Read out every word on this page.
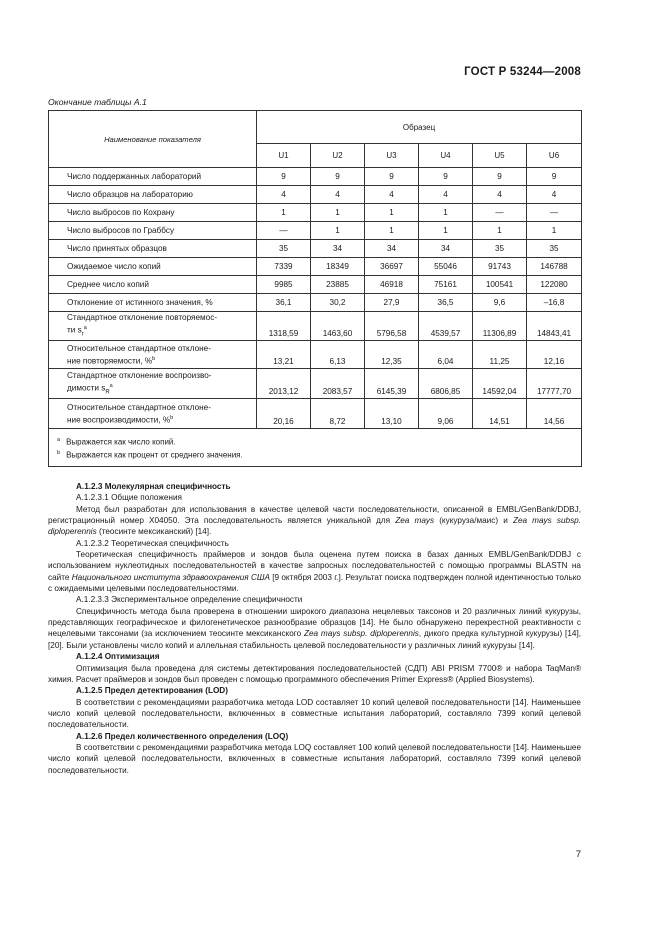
ГОСТ Р 53244—2008
Окончание таблицы А.1
Наименование показателя	Образец					
	U1	U2	U3	U4	U5	U6
Число поддержанных лабораторий	9	9	9	9	9	9
Число образцов на лабораторию	4	4	4	4	4	4
Число выбросов по Кохрану	1	1	1	1	—	—
Число выбросов по Граббсу	—	1	1	1	1	1
Число принятых образцов	35	34	34	34	35	35
Ожидаемое число копий	7339	18349	36697	55046	91743	146788
Среднее число копий	9985	23885	46918	75161	100541	122080
Отклонение от истинного значения, %	36,1	30,2	27,9	36,5	9,6	–16,8

Стандартное отклонение повторяемос-
ти $s_r^a$	1318,59	1463,60	5796,58	4539,57	11306,89	14843,41

Относительное стандартное отклоне-
ние повторяемости, %$^b$	13,21	6,13	12,35	6,04	11,25	12,16

Стандартное отклонение воспроизво-
димости $s_R^a$	2013,12	2083,57	6145,39	6806,85	14592,04	17777,70

Относительное стандартное отклоне-
ние воспроизводимости, %$^b$	20,16	8,72	13,10	9,06	14,51	14,56

$^a$ Выражается как число копий.
$^b$ Выражается как процент от среднего значения.						

А.1.2.3 Молекулярная специфичность

А.1.2.3.1 Общие положения

Метод был разработан для использования в качестве целевой части последовательности, описанной в EMBL/GenBank/DDBJ, регистрационный номер X04050. Эта последовательность является уникальной для Zea mays (кукуруза/маис) и Zea mays subsp. diploperennis (теосинте мексиканский) [14].

А.1.2.3.2 Теоретическая специфичность

Теоретическая специфичность праймеров и зондов была оценена путем поиска в базах данных EMBL/GenBank/DDBJ с использованием нуклеотидных последовательностей в качестве запросных последовательностей с помощью программы BLASTN на сайте Национального института здравоохранения США [9 октября 2003 г.]. Результат поиска подтвержден полной идентичностью только с ожидаемыми целевыми последовательностями.

А.1.2.3.3 Экспериментальное определение специфичности

Специфичность метода была проверена в отношении широкого диапазона нецелевых таксонов и 20 различных линий кукурузы, представляющих географическое и филогенетическое разнообразие образцов [14]. Не было обнаружено перекрестной реактивности с нецелевыми таксонами (за исключением теосинте мексиканского Zea mays subsp. diploperennis, дикого предка культурной кукурузы) [14], [20]. Были установлены число копий и аллельная стабильность целевой последовательности у различных линий кукурузы [14].

А.1.2.4 Оптимизация

Оптимизация была проведена для системы детектирования последовательностей (СДП) ABI PRISM 7700® и набора TaqMan® химия. Расчет праймеров и зондов был проведен с помощью программного обеспечения Primer Express® (Applied Biosystems).

А.1.2.5 Предел детектирования (LOD)

В соответствии с рекомендациями разработчика метода LOD составляет 10 копий целевой последовательности [14]. Наименьшее число копий целевой последовательности, включенных в совместные испытания лабораторий, составляло 7399 копий целевой последовательности.

А.1.2.6 Предел количественного определения (LOQ)

В соответствии с рекомендациями разработчика метода LOQ составляет 100 копий целевой последовательности [14]. Наименьшее число копий целевой последовательности, включенных в совместные испытания лабораторий, составляло 7399 копий целевой последовательности.

7
